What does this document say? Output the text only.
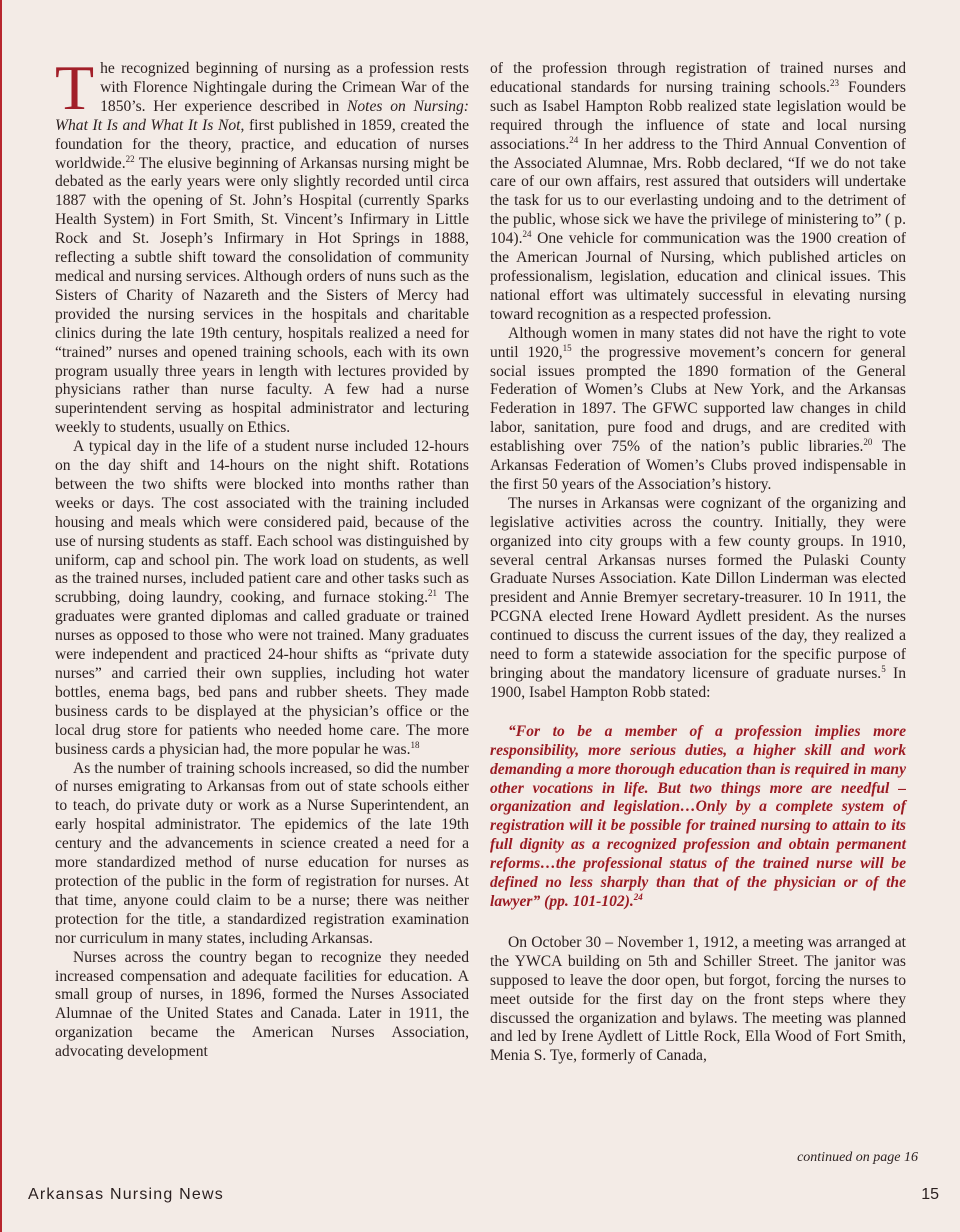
The recognized beginning of nursing as a profession rests with Florence Nightingale during the Crimean War of the 1850’s. Her experience described in Notes on Nursing: What It Is and What It Is Not, first published in 1859, created the foundation for the theory, practice, and education of nurses worldwide.$^{22}$ The elusive beginning of Arkansas nursing might be debated as the early years were only slightly recorded until circa 1887 with the opening of St. John’s Hospital (currently Sparks Health System) in Fort Smith, St. Vincent’s Infirmary in Little Rock and St. Joseph’s Infirmary in Hot Springs in 1888, reflecting a subtle shift toward the consolidation of community medical and nursing services. Although orders of nuns such as the Sisters of Charity of Nazareth and the Sisters of Mercy had provided the nursing services in the hospitals and charitable clinics during the late 19th century, hospitals realized a need for “trained” nurses and opened training schools, each with its own program usually three years in length with lectures provided by physicians rather than nurse faculty. A few had a nurse superintendent serving as hospital administrator and lecturing weekly to students, usually on Ethics.

A typical day in the life of a student nurse included 12-hours on the day shift and 14-hours on the night shift. Rotations between the two shifts were blocked into months rather than weeks or days. The cost associated with the training included housing and meals which were considered paid, because of the use of nursing students as staff. Each school was distinguished by uniform, cap and school pin. The work load on students, as well as the trained nurses, included patient care and other tasks such as scrubbing, doing laundry, cooking, and furnace stoking.$^{21}$ The graduates were granted diplomas and called graduate or trained nurses as opposed to those who were not trained. Many graduates were independent and practiced 24-hour shifts as “private duty nurses” and carried their own supplies, including hot water bottles, enema bags, bed pans and rubber sheets. They made business cards to be displayed at the physician’s office or the local drug store for patients who needed home care. The more business cards a physician had, the more popular he was.$^{18}$

As the number of training schools increased, so did the number of nurses emigrating to Arkansas from out of state schools either to teach, do private duty or work as a Nurse Superintendent, an early hospital administrator. The epidemics of the late 19th century and the advancements in science created a need for a more standardized method of nurse education for nurses as protection of the public in the form of registration for nurses. At that time, anyone could claim to be a nurse; there was neither protection for the title, a standardized registration examination nor curriculum in many states, including Arkansas.

Nurses across the country began to recognize they needed increased compensation and adequate facilities for education. A small group of nurses, in 1896, formed the Nurses Associated Alumnae of the United States and Canada. Later in 1911, the organization became the American Nurses Association, advocating development

of the profession through registration of trained nurses and educational standards for nursing training schools.$^{23}$ Founders such as Isabel Hampton Robb realized state legislation would be required through the influence of state and local nursing associations.$^{24}$ In her address to the Third Annual Convention of the Associated Alumnae, Mrs. Robb declared, “If we do not take care of our own affairs, rest assured that outsiders will undertake the task for us to our everlasting undoing and to the detriment of the public, whose sick we have the privilege of ministering to” ( p. 104).$^{24}$ One vehicle for communication was the 1900 creation of the American Journal of Nursing, which published articles on professionalism, legislation, education and clinical issues. This national effort was ultimately successful in elevating nursing toward recognition as a respected profession.

Although women in many states did not have the right to vote until 1920,15 the progressive movement’s concern for general social issues prompted the 1890 formation of the General Federation of Women’s Clubs at New York, and the Arkansas Federation in 1897. The GFWC supported law changes in child labor, sanitation, pure food and drugs, and are credited with establishing over 75% of the nation’s public libraries.$^{20}$ The Arkansas Federation of Women’s Clubs proved indispensable in the first 50 years of the Association’s history.

The nurses in Arkansas were cognizant of the organizing and legislative activities across the country. Initially, they were organized into city groups with a few county groups. In 1910, several central Arkansas nurses formed the Pulaski County Graduate Nurses Association. Kate Dillon Linderman was elected president and Annie Bremyer secretary-treasurer. 10 In 1911, the PCGNA elected Irene Howard Aydlett president. As the nurses continued to discuss the current issues of the day, they realized a need to form a statewide association for the specific purpose of bringing about the mandatory licensure of graduate nurses.$^5$ In 1900, Isabel Hampton Robb stated:

“For to be a member of a profession implies more responsibility, more serious duties, a higher skill and work demanding a more thorough education than is required in many other vocations in life. But two things more are needful – organization and legislation…Only by a complete system of registration will it be possible for trained nursing to attain to its full dignity as a recognized profession and obtain permanent reforms…the professional status of the trained nurse will be defined no less sharply than that of the physician or of the lawyer” (pp. 101-102).$^{24}$

On October 30 – November 1, 1912, a meeting was arranged at the YWCA building on 5th and Schiller Street. The janitor was supposed to leave the door open, but forgot, forcing the nurses to meet outside for the first day on the front steps where they discussed the organization and bylaws. The meeting was planned and led by Irene Aydlett of Little Rock, Ella Wood of Fort Smith, Menia S. Tye, formerly of Canada,

continued on page 16
Arkansas Nursing News	15
